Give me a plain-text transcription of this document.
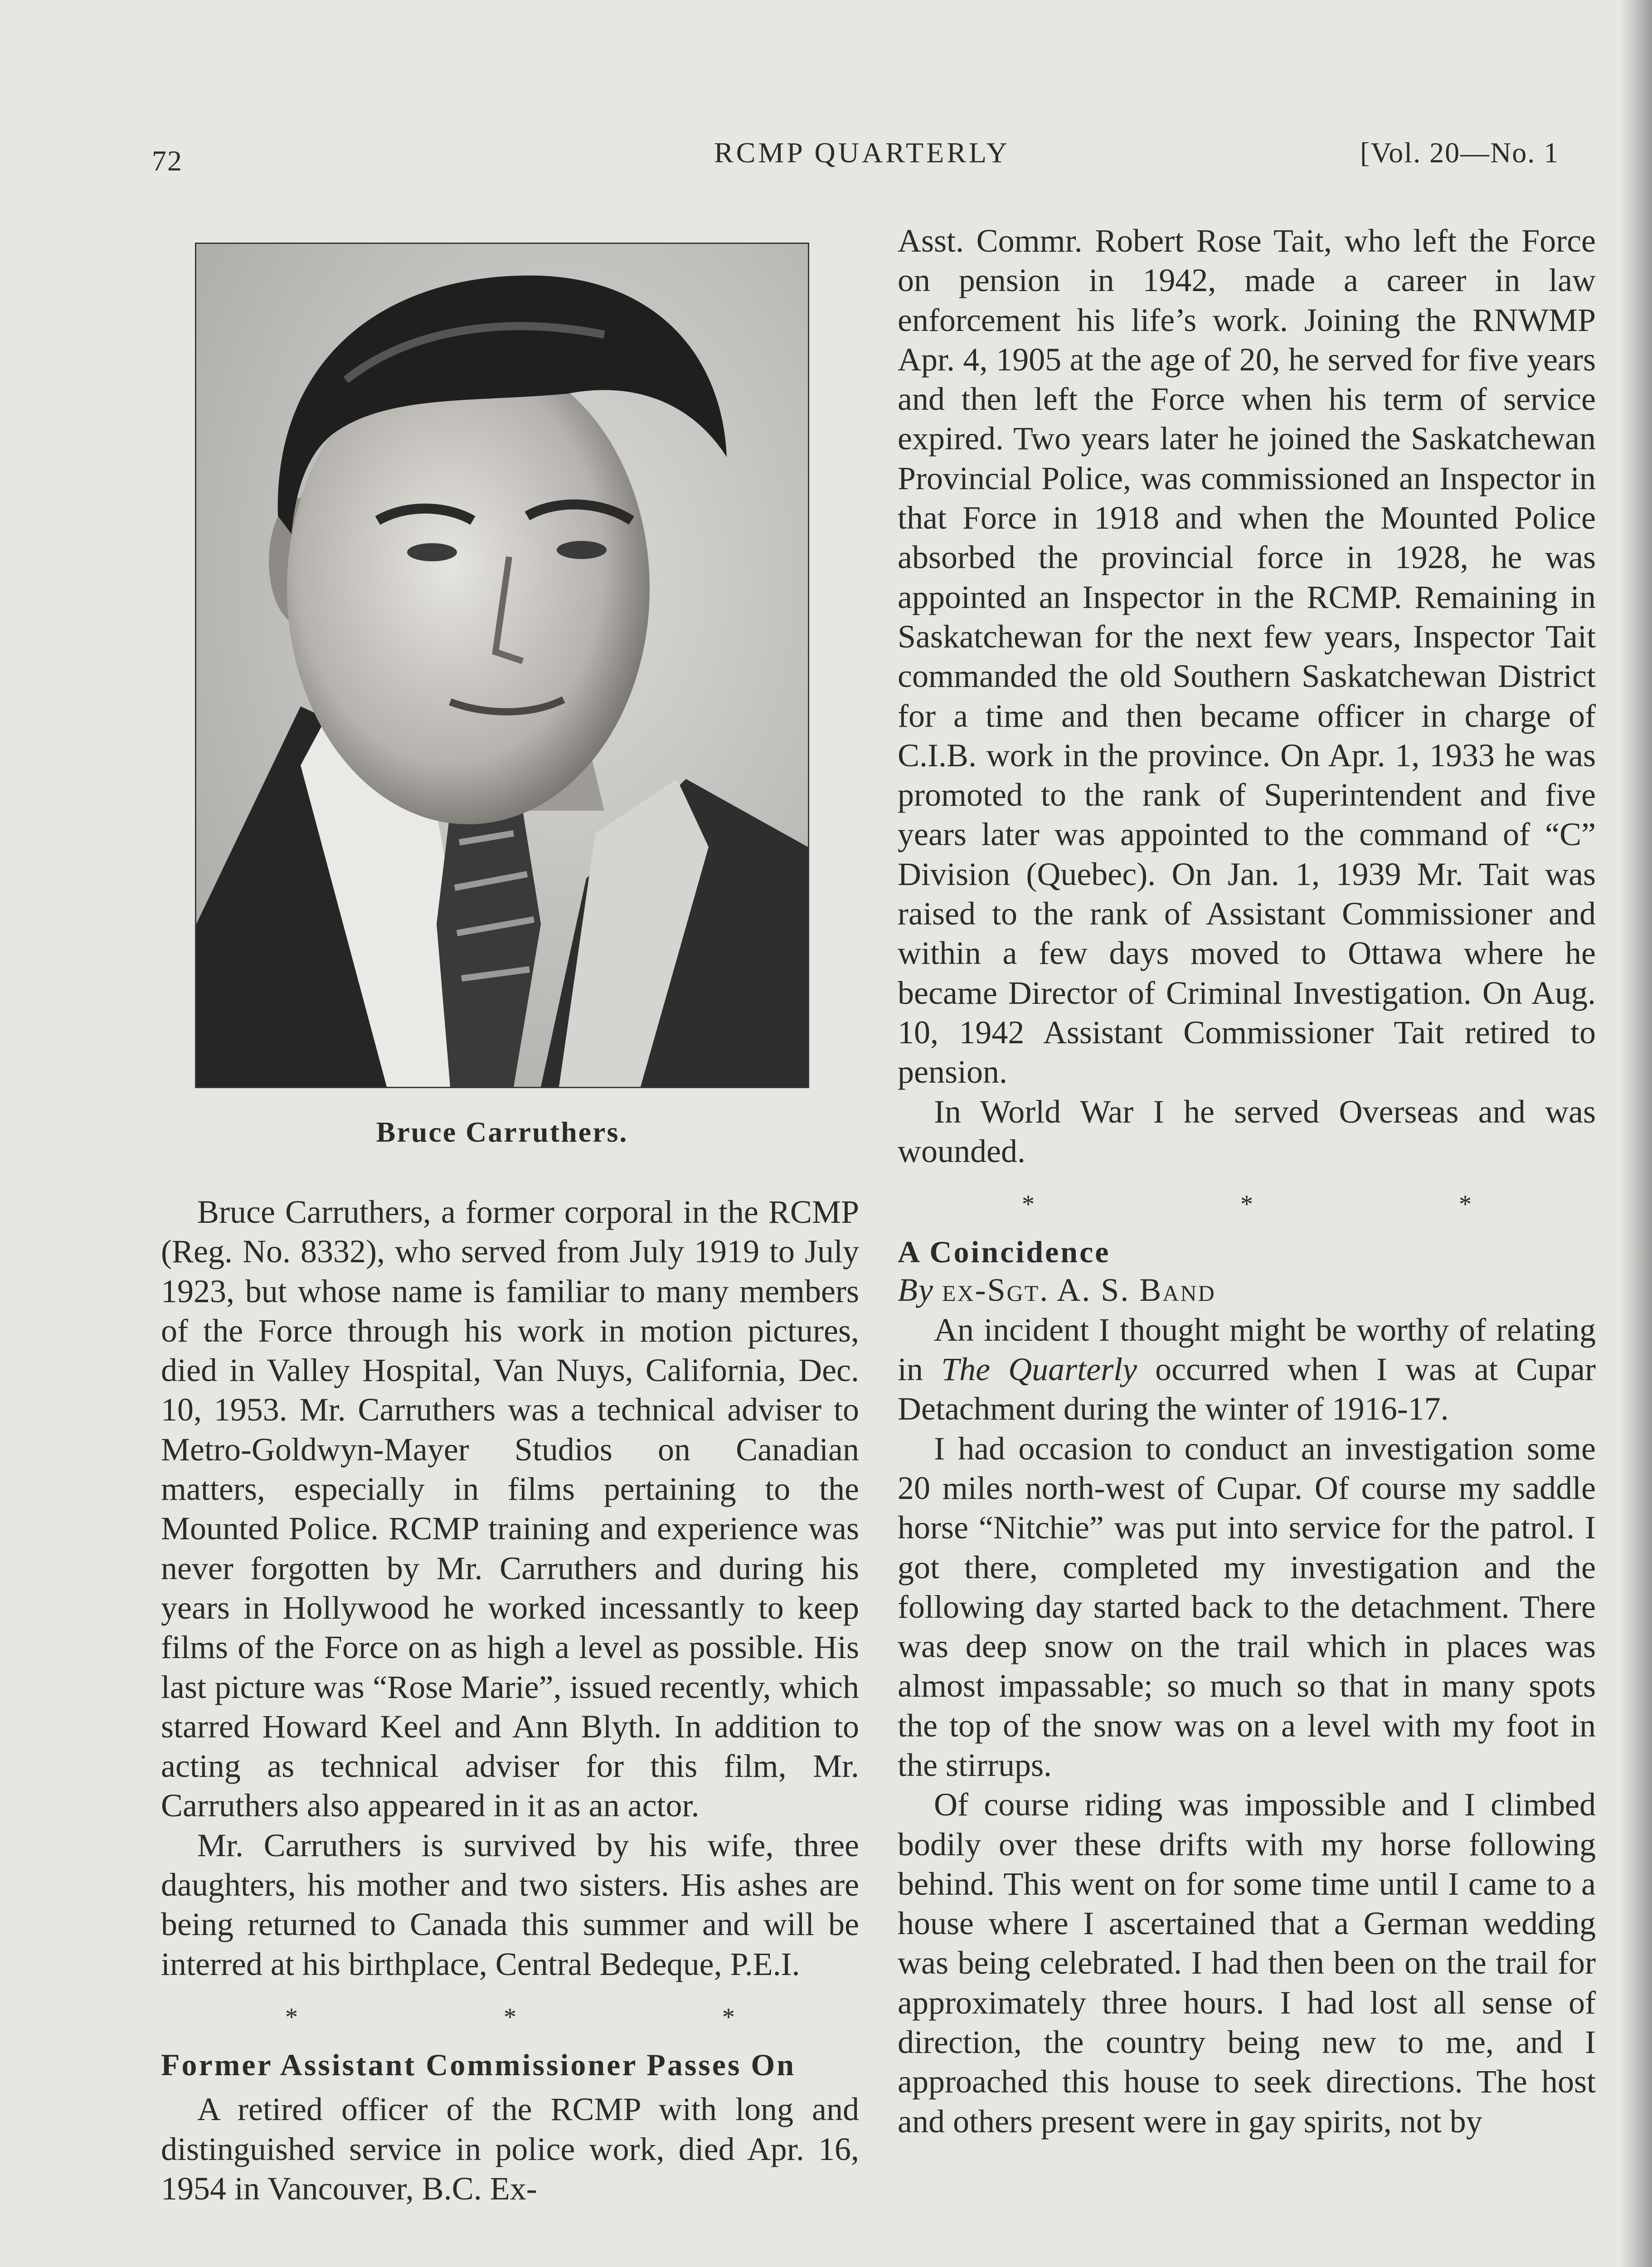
72	RCMP QUARTERLY	[Vol. 20—No. 1
Bruce Carruthers.

Bruce Carruthers, a former corporal in the RCMP (Reg. No. 8332), who served from July 1919 to July 1923, but whose name is familiar to many members of the Force through his work in motion pictures, died in Valley Hospital, Van Nuys, California, Dec. 10, 1953. Mr. Carruthers was a technical adviser to Metro-Goldwyn-Mayer Studios on Canadian matters, especially in films pertaining to the Mounted Police. RCMP training and experience was never forgotten by Mr. Carruthers and during his years in Hollywood he worked incessantly to keep films of the Force on as high a level as possible. His last picture was “Rose Marie”, issued recently, which starred Howard Keel and Ann Blyth. In addition to acting as technical adviser for this film, Mr. Carruthers also appeared in it as an actor.

Mr. Carruthers is survived by his wife, three daughters, his mother and two sisters. His ashes are being returned to Canada this summer and will be interred at his birthplace, Central Bedeque, P.E.I.

* * *

Former Assistant Commissioner Passes On

A retired officer of the RCMP with long and distinguished service in police work, died Apr. 16, 1954 in Vancouver, B.C. Ex-

Asst. Commr. Robert Rose Tait, who left the Force on pension in 1942, made a career in law enforcement his life’s work. Joining the RNWMP Apr. 4, 1905 at the age of 20, he served for five years and then left the Force when his term of service expired. Two years later he joined the Saskatchewan Provincial Police, was commissioned an Inspector in that Force in 1918 and when the Mounted Police absorbed the provincial force in 1928, he was appointed an Inspector in the RCMP. Remaining in Saskatchewan for the next few years, Inspector Tait commanded the old Southern Saskatchewan District for a time and then became officer in charge of C.I.B. work in the province. On Apr. 1, 1933 he was promoted to the rank of Superintendent and five years later was appointed to the command of “C” Division (Quebec). On Jan. 1, 1939 Mr. Tait was raised to the rank of Assistant Commissioner and within a few days moved to Ottawa where he became Director of Criminal Investigation. On Aug. 10, 1942 Assistant Commissioner Tait retired to pension.

In World War I he served Overseas and was wounded.

* * *

A Coincidence

By ex-Sgt. A. S. Band

An incident I thought might be worthy of relating in The Quarterly occurred when I was at Cupar Detachment during the winter of 1916-17.

I had occasion to conduct an investigation some 20 miles north-west of Cupar. Of course my saddle horse “Nitchie” was put into service for the patrol. I got there, completed my investigation and the following day started back to the detachment. There was deep snow on the trail which in places was almost impassable; so much so that in many spots the top of the snow was on a level with my foot in the stirrups.

Of course riding was impossible and I climbed bodily over these drifts with my horse following behind. This went on for some time until I came to a house where I ascertained that a German wedding was being celebrated. I had then been on the trail for approximately three hours. I had lost all sense of direction, the country being new to me, and I approached this house to seek directions. The host and others present were in gay spirits, not by
